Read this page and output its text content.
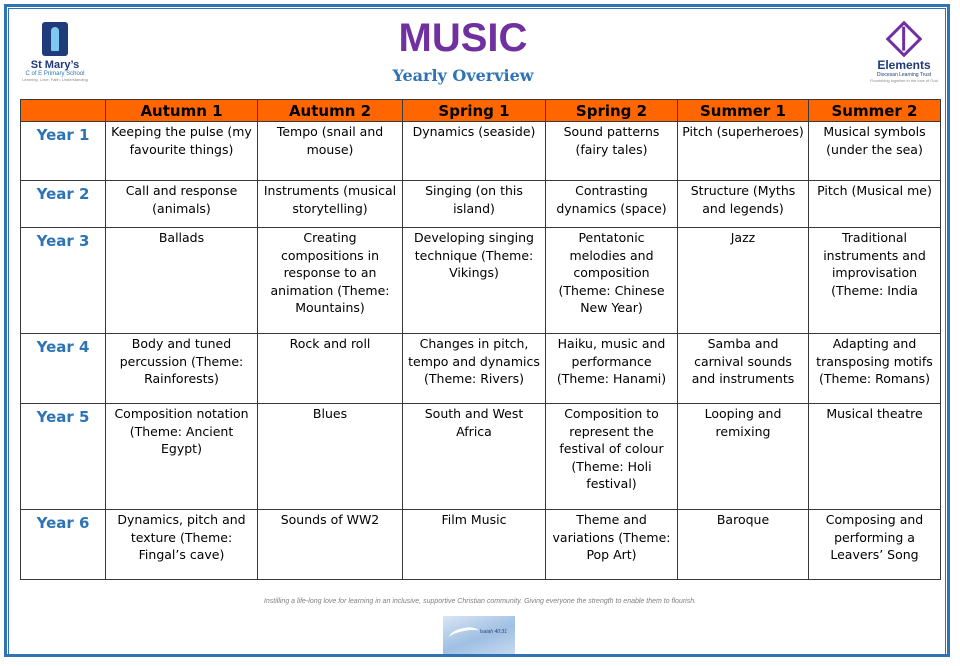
St Mary’s
C of E Primary School
Learning, Love, Faith, Understanding
MUSIC
Yearly Overview
Elements
Diocesan Learning Trust
Flourishing together in the love of God
	Autumn 1	Autumn 2	Spring 1	Spring 2	Summer 1	Summer 2
Year 1	Keeping the pulse (my favourite things)	Tempo (snail and mouse)	Dynamics (seaside)	Sound patterns (fairy tales)	Pitch (superheroes)	Musical symbols (under the sea)
Year 2	Call and response (animals)	Instruments (musical storytelling)	Singing (on this island)	Contrasting dynamics (space)	Structure (Myths and legends)	Pitch (Musical me)
Year 3	Ballads	Creating compositions in response to an animation (Theme: Mountains)	Developing singing technique (Theme: Vikings)	Pentatonic melodies and composition (Theme: Chinese New Year)	Jazz	Traditional instruments and improvisation (Theme: India
Year 4	Body and tuned percussion (Theme: Rainforests)	Rock and roll	Changes in pitch, tempo and dynamics (Theme: Rivers)	Haiku, music and performance (Theme: Hanami)	Samba and carnival sounds and instruments	Adapting and transposing motifs (Theme: Romans)
Year 5	Composition notation (Theme: Ancient Egypt)	Blues	South and West Africa	Composition to represent the festival of colour (Theme: Holi festival)	Looping and remixing	Musical theatre
Year 6	Dynamics, pitch and texture (Theme: Fingal’s cave)	Sounds of WW2	Film Music	Theme and variations (Theme: Pop Art)	Baroque	Composing and performing a Leavers’ Song
Instilling a life-long love for learning in an inclusive, supportive Christian community. Giving everyone the strength to enable them to flourish.
Isaiah 40:31
